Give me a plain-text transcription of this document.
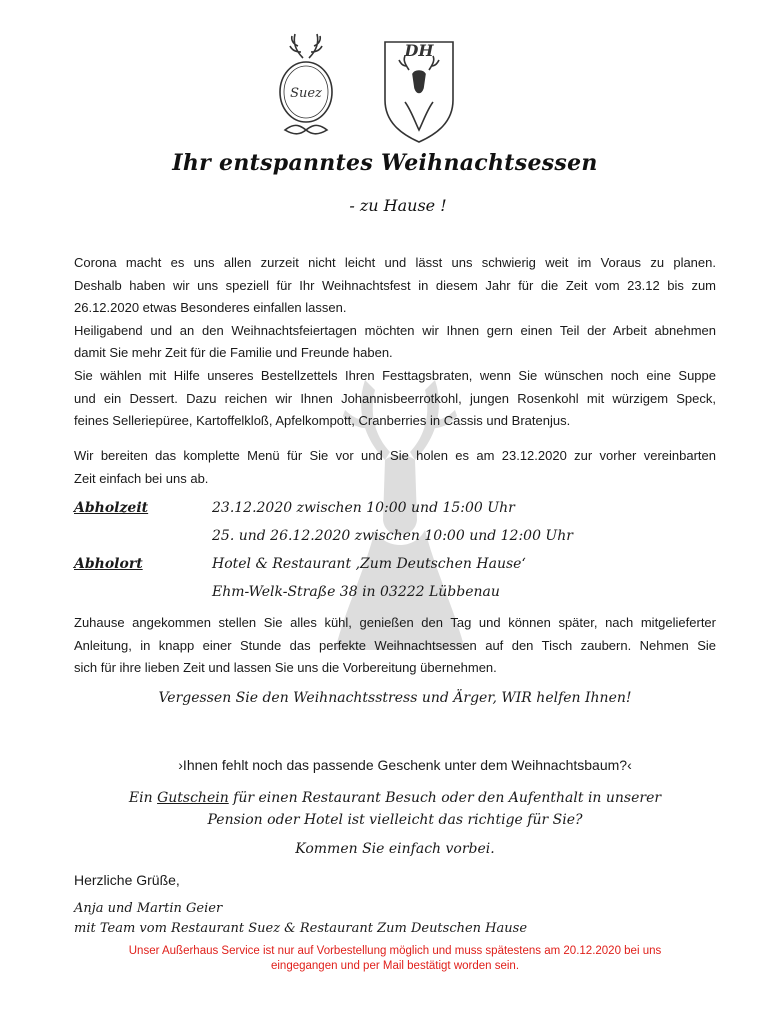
Suez
DH
Ihr entspanntes Weihnachtsessen
- zu Hause !
Corona macht es uns allen zurzeit nicht leicht und lässt uns schwierig weit im Voraus zu planen.
Deshalb haben wir uns speziell für Ihr Weihnachtsfest in diesem Jahr für die Zeit vom 23.12 bis zum
26.12.2020 etwas Besonderes einfallen lassen.
Heiligabend und an den Weihnachtsfeiertagen möchten wir Ihnen gern einen Teil der Arbeit abnehmen
damit Sie mehr Zeit für die Familie und Freunde haben.
Sie wählen mit Hilfe unseres Bestellzettels Ihren Festtagsbraten, wenn Sie wünschen noch eine Suppe
und ein Dessert. Dazu reichen wir Ihnen Johannisbeerrotkohl, jungen Rosenkohl mit würzigem Speck,
feines Selleriepüree, Kartoffelkloß, Apfelkompott, Cranberries in Cassis und Bratenjus.
Wir bereiten das komplette Menü für Sie vor und Sie holen es am 23.12.2020 zur vorher vereinbarten
Zeit einfach bei uns ab.
Abholzeit	23.12.2020 zwischen 10:00 und 15:00 Uhr
25. und 26.12.2020 zwischen 10:00 und 12:00 Uhr
Abholort	Hotel & Restaurant ‚Zum Deutschen Hause‘
Ehm-Welk-Straße 38 in 03222 Lübbenau
Zuhause angekommen stellen Sie alles kühl, genießen den Tag und können später, nach mitgelieferter
Anleitung, in knapp einer Stunde das perfekte Weihnachtsessen auf den Tisch zaubern. Nehmen Sie
sich für ihre lieben Zeit und lassen Sie uns die Vorbereitung übernehmen.
Vergessen Sie den Weihnachtsstress und Ärger, WIR helfen Ihnen!
›Ihnen fehlt noch das passende Geschenk unter dem Weihnachtsbaum?‹
Ein Gutschein für einen Restaurant Besuch oder den Aufenthalt in unserer
Pension oder Hotel ist vielleicht das richtige für Sie?
Kommen Sie einfach vorbei.
Herzliche Grüße,
Anja und Martin Geier
mit Team vom Restaurant Suez & Restaurant Zum Deutschen Hause
Unser Außerhaus Service ist nur auf Vorbestellung möglich und muss spätestens am 20.12.2020 bei uns
eingegangen und per Mail bestätigt worden sein.
